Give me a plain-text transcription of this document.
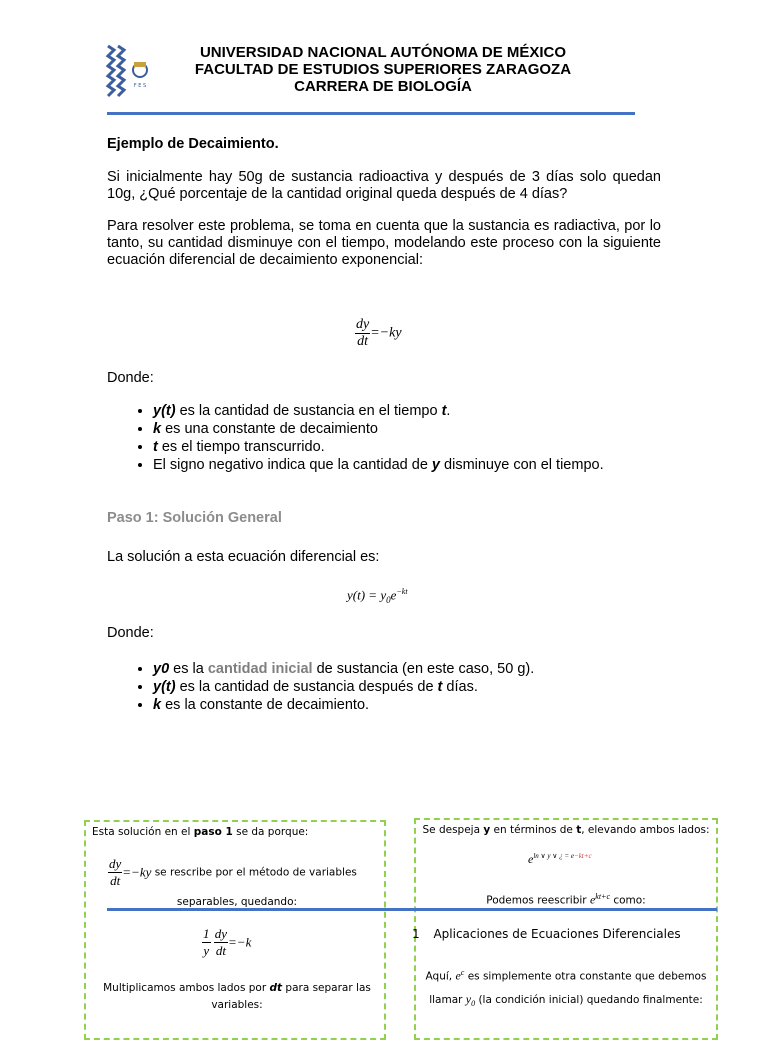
F E S
UNIVERSIDAD NACIONAL AUTÓNOMA DE MÉXICO
FACULTAD DE ESTUDIOS SUPERIORES ZARAGOZA
CARRERA DE BIOLOGÍA
Ejemplo de Decaimiento.
Si inicialmente hay 50g de sustancia radioactiva y después de 3 días solo quedan 10g, ¿Qué porcentaje de la cantidad original queda después de 4 días?
Para resolver este problema, se toma en cuenta que la sustancia es radiactiva, por lo tanto, su cantidad disminuye con el tiempo, modelando este proceso con la siguiente ecuación diferencial de decaimiento exponencial:
$\frac{dy}{dt} =-ky$
Donde:
• y(t) es la cantidad de sustancia en el tiempo t.
• k es una constante de decaimiento
• t es el tiempo transcurrido.
• El signo negativo indica que la cantidad de y disminuye con el tiempo.
Paso 1: Solución General
La solución a esta ecuación diferencial es:
$y(t) = y_0e^{-kt}$
Donde:
• y0 es la cantidad inicial de sustancia (en este caso, 50 g).
• y(t) es la cantidad de sustancia después de t días.
• k es la constante de decaimiento.
Esta solución en el paso 1 se da porque:
$\frac{dy}{dt} =-ky$ se rescribe por el método de variables
separables, quedando:
$\frac{1}{y}$
$\frac{dy}{dt} =-k$
Multiplicamos ambos lados por dt para separar las
variables:
Se despeja y en términos de t, elevando ambos lados:
$e^{ln \vee y \vee ¿ = e-kt+c}$
Podemos reescribir $e^{kt+c}$ como:
Aquí, $e^c$ es simplemente otra constante que debemos
llamar $y_0$ (la condición inicial) quedando finalmente:
1 Aplicaciones de Ecuaciones Diferenciales
